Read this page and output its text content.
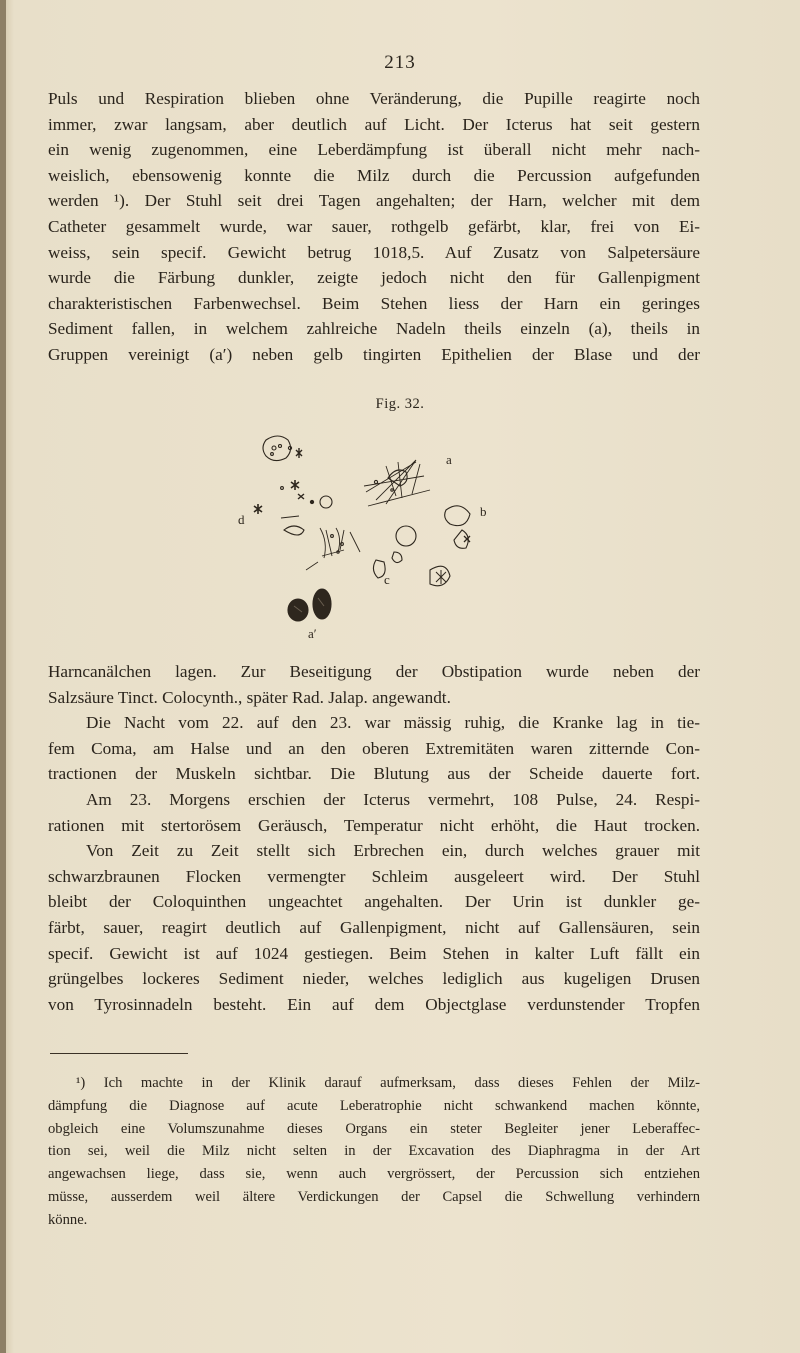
213
Puls und Respiration blieben ohne Veränderung, die Pupille reagirte noch
immer, zwar langsam, aber deutlich auf Licht. Der Icterus hat seit gestern
ein wenig zugenommen, eine Leberdämpfung ist überall nicht mehr nach-
weislich, ebensowenig konnte die Milz durch die Percussion aufgefunden
werden ¹). Der Stuhl seit drei Tagen angehalten; der Harn, welcher mit dem
Catheter gesammelt wurde, war sauer, rothgelb gefärbt, klar, frei von Ei-
weiss, sein specif. Gewicht betrug 1018,5. Auf Zusatz von Salpetersäure
wurde die Färbung dunkler, zeigte jedoch nicht den für Gallenpigment
charakteristischen Farbenwechsel. Beim Stehen liess der Harn ein geringes
Sediment fallen, in welchem zahlreiche Nadeln theils einzeln (a), theils in
Gruppen vereinigt (a′) neben gelb tingirten Epithelien der Blase und der
Fig. 32.
a
b
c
d
a′
Harncanälchen lagen. Zur Beseitigung der Obstipation wurde neben der
Salzsäure Tinct. Colocynth., später Rad. Jalap. angewandt.
Die Nacht vom 22. auf den 23. war mässig ruhig, die Kranke lag in tie-
fem Coma, am Halse und an den oberen Extremitäten waren zitternde Con-
tractionen der Muskeln sichtbar. Die Blutung aus der Scheide dauerte fort.
Am 23. Morgens erschien der Icterus vermehrt, 108 Pulse, 24. Respi-
rationen mit stertorösem Geräusch, Temperatur nicht erhöht, die Haut trocken.
Von Zeit zu Zeit stellt sich Erbrechen ein, durch welches grauer mit
schwarzbraunen Flocken vermengter Schleim ausgeleert wird. Der Stuhl
bleibt der Coloquinthen ungeachtet angehalten. Der Urin ist dunkler ge-
färbt, sauer, reagirt deutlich auf Gallenpigment, nicht auf Gallensäuren, sein
specif. Gewicht ist auf 1024 gestiegen. Beim Stehen in kalter Luft fällt ein
grüngelbes lockeres Sediment nieder, welches lediglich aus kugeligen Drusen
von Tyrosinnadeln besteht. Ein auf dem Objectglase verdunstender Tropfen
¹) Ich machte in der Klinik darauf aufmerksam, dass dieses Fehlen der Milz-
dämpfung die Diagnose auf acute Leberatrophie nicht schwankend machen könnte,
obgleich eine Volumszunahme dieses Organs ein steter Begleiter jener Leberaffec-
tion sei, weil die Milz nicht selten in der Excavation des Diaphragma in der Art
angewachsen liege, dass sie, wenn auch vergrössert, der Percussion sich entziehen
müsse, ausserdem weil ältere Verdickungen der Capsel die Schwellung verhindern
könne.
